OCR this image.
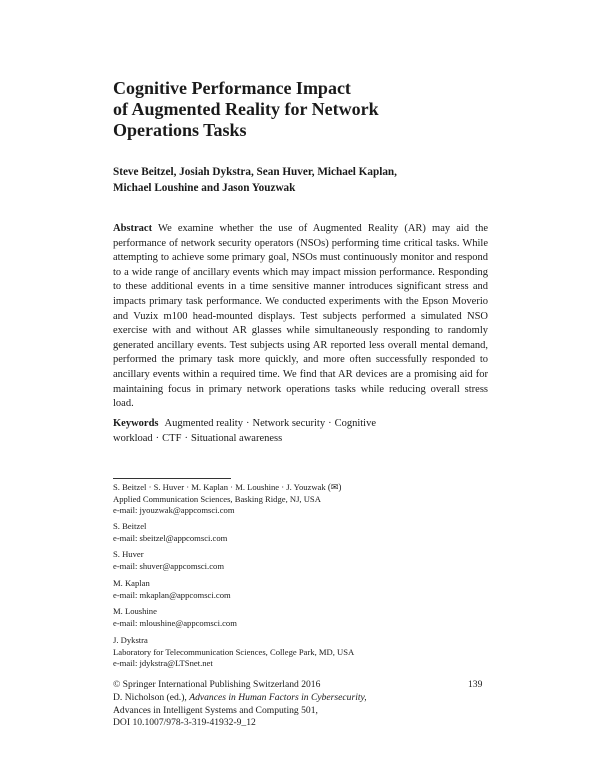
Cognitive Performance Impact
of Augmented Reality for Network
Operations Tasks
Steve Beitzel, Josiah Dykstra, Sean Huver, Michael Kaplan,
Michael Loushine and Jason Youzwak

Abstract We examine whether the use of Augmented Reality (AR) may aid the performance of network security operators (NSOs) performing time critical tasks. While attempting to achieve some primary goal, NSOs must continuously monitor and respond to a wide range of ancillary events which may impact mission performance. Responding to these additional events in a time sensitive manner introduces significant stress and impacts primary task performance. We conducted experiments with the Epson Moverio and Vuzix m100 head-mounted displays. Test subjects performed a simulated NSO exercise with and without AR glasses while simultaneously responding to randomly generated ancillary events. Test subjects using AR reported less overall mental demand, performed the primary task more quickly, and more often successfully responded to ancillary events within a required time. We find that AR devices are a promising aid for maintaining focus in primary network operations tasks while reducing overall stress load.

Keywords Augmented reality · Network security · Cognitive workload · CTF · Situational awareness

S. Beitzel · S. Huver · M. Kaplan · M. Loushine · J. Youzwak (✉)
Applied Communication Sciences, Basking Ridge, NJ, USA
e-mail: jyouzwak@appcomsci.com
S. Beitzel
e-mail: sbeitzel@appcomsci.com
S. Huver
e-mail: shuver@appcomsci.com
M. Kaplan
e-mail: mkaplan@appcomsci.com
M. Loushine
e-mail: mloushine@appcomsci.com
J. Dykstra
Laboratory for Telecommunication Sciences, College Park, MD, USA
e-mail: jdykstra@LTSnet.net
© Springer International Publishing Switzerland 2016
D. Nicholson (ed.), Advances in Human Factors in Cybersecurity,
Advances in Intelligent Systems and Computing 501,
DOI 10.1007/978-3-319-41932-9_12
139
